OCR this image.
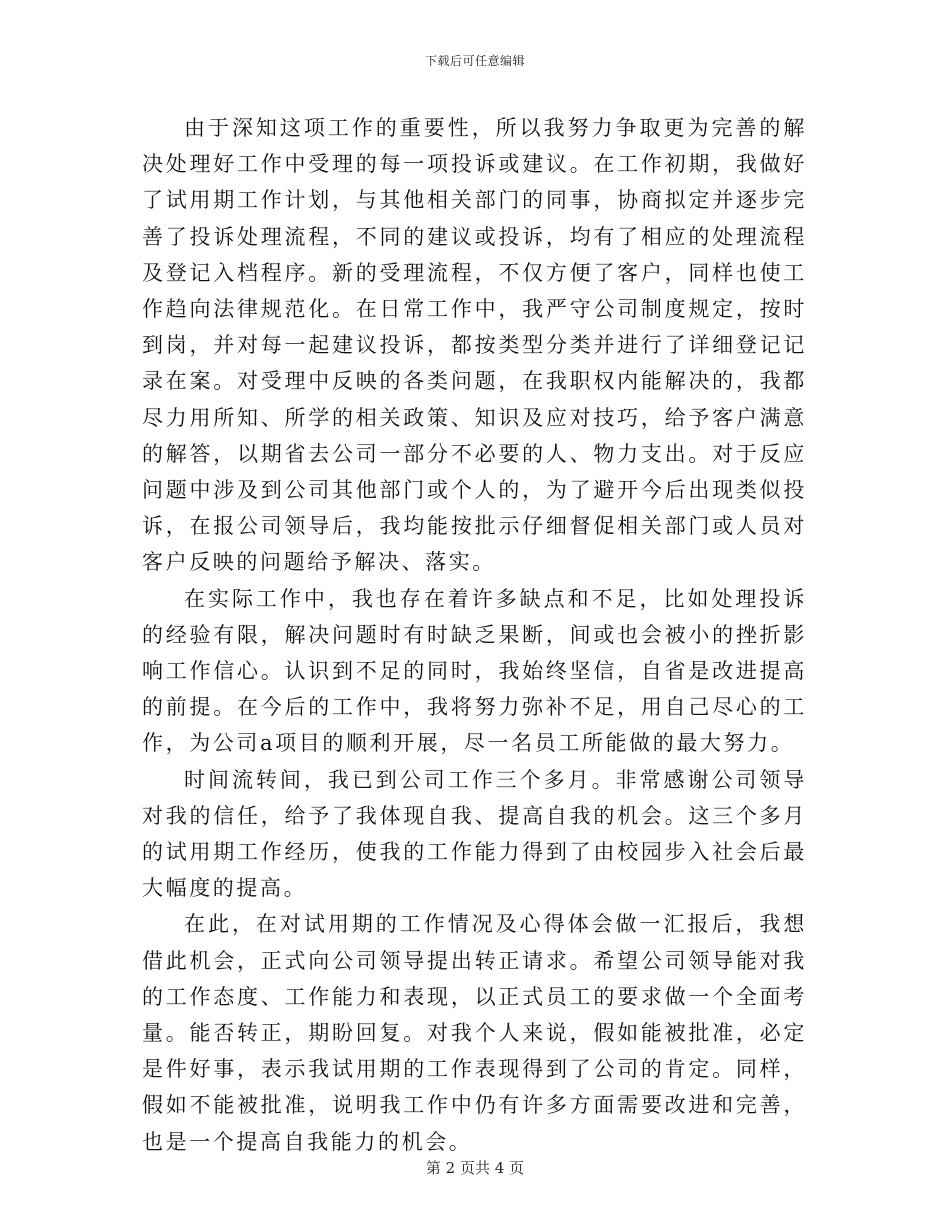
下载后可任意编辑

由于深知这项工作的重要性，所以我努力争取更为完善的解决处理好工作中受理的每一项投诉或建议。在工作初期，我做好了试用期工作计划，与其他相关部门的同事，协商拟定并逐步完善了投诉处理流程，不同的建议或投诉，均有了相应的处理流程及登记入档程序。新的受理流程，不仅方便了客户，同样也使工作趋向法律规范化。在日常工作中，我严守公司制度规定，按时到岗，并对每一起建议投诉，都按类型分类并进行了详细登记记录在案。对受理中反映的各类问题，在我职权内能解决的，我都尽力用所知、所学的相关政策、知识及应对技巧，给予客户满意的解答，以期省去公司一部分不必要的人、物力支出。对于反应问题中涉及到公司其他部门或个人的，为了避开今后出现类似投诉，在报公司领导后，我均能按批示仔细督促相关部门或人员对客户反映的问题给予解决、落实。

在实际工作中，我也存在着许多缺点和不足，比如处理投诉的经验有限，解决问题时有时缺乏果断，间或也会被小的挫折影响工作信心。认识到不足的同时，我始终坚信，自省是改进提高的前提。在今后的工作中，我将努力弥补不足，用自己尽心的工作，为公司a项目的顺利开展，尽一名员工所能做的最大努力。

时间流转间，我已到公司工作三个多月。非常感谢公司领导对我的信任，给予了我体现自我、提高自我的机会。这三个多月的试用期工作经历，使我的工作能力得到了由校园步入社会后最大幅度的提高。

在此，在对试用期的工作情况及心得体会做一汇报后，我想借此机会，正式向公司领导提出转正请求。希望公司领导能对我的工作态度、工作能力和表现，以正式员工的要求做一个全面考量。能否转正，期盼回复。对我个人来说，假如能被批准，必定是件好事，表示我试用期的工作表现得到了公司的肯定。同样，假如不能被批准，说明我工作中仍有许多方面需要改进和完善，也是一个提高自我能力的机会。

第 2 页共 4 页
